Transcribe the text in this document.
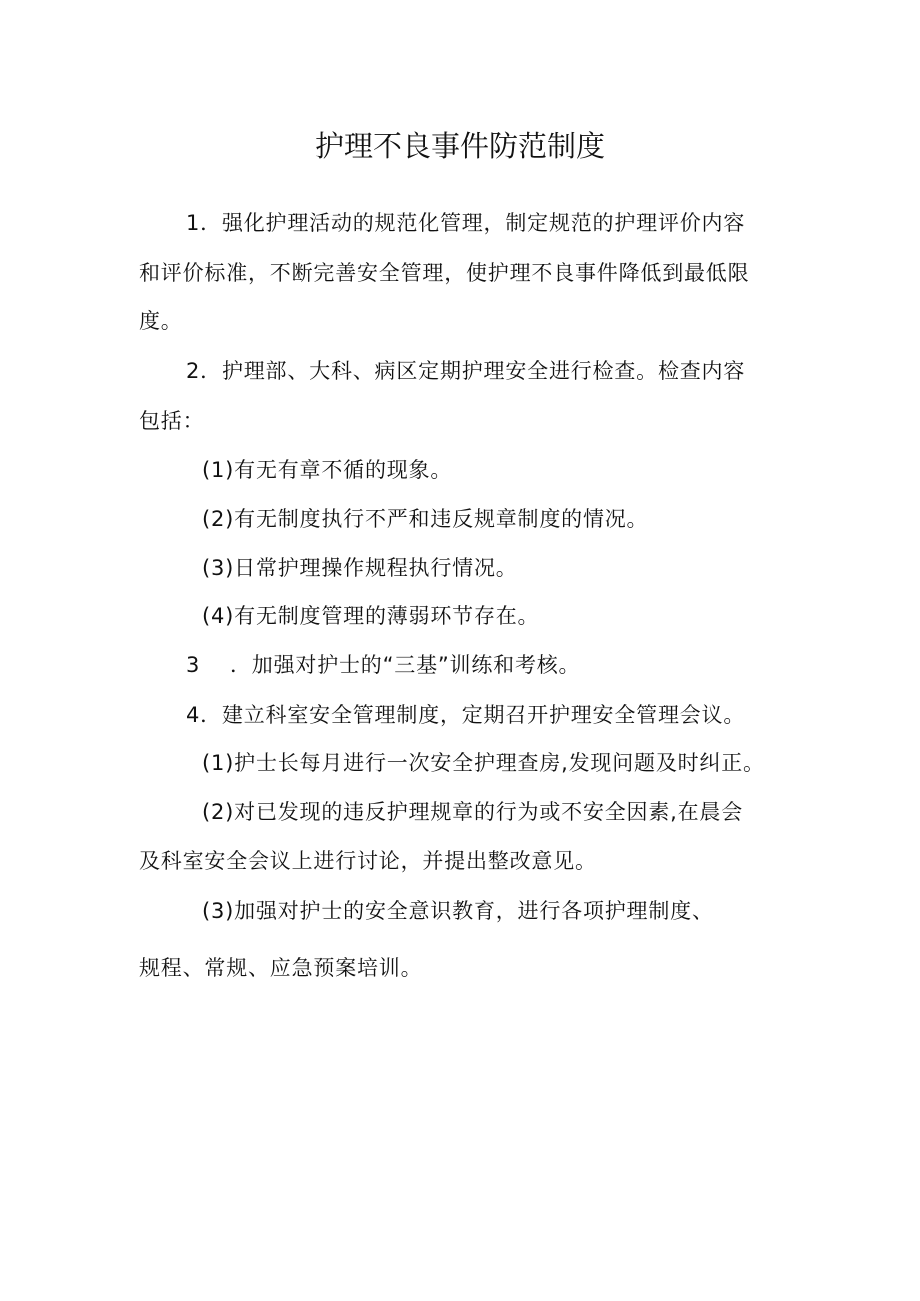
护理不良事件防范制度

1．强化护理活动的规范化管理，制定规范的护理评价内容

和评价标准，不断完善安全管理，使护理不良事件降低到最低限

度。

2．护理部、大科、病区定期护理安全进行检查。检查内容

包括：

(1)有无有章不循的现象。

(2)有无制度执行不严和违反规章制度的情况。

(3)日常护理操作规程执行情况。

(4)有无制度管理的薄弱环节存在。

3 ．加强对护士的“三基”训练和考核。

4．建立科室安全管理制度，定期召开护理安全管理会议。

(1)护士长每月进行一次安全护理查房,发现问题及时纠正。

(2)对已发现的违反护理规章的行为或不安全因素,在晨会

及科室安全会议上进行讨论，并提出整改意见。

(3)加强对护士的安全意识教育，进行各项护理制度、

规程、常规、应急预案培训。
